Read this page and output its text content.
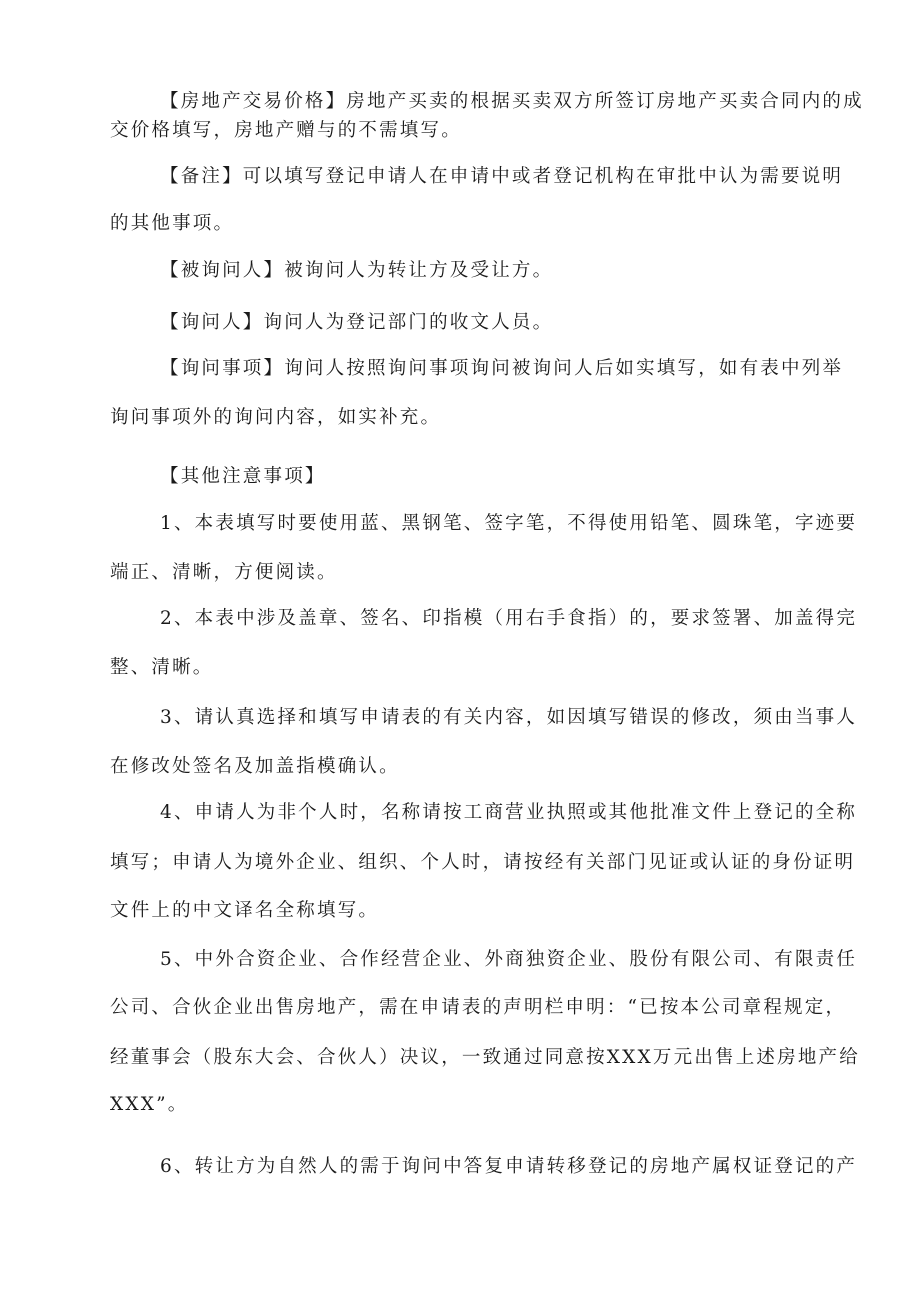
【房地产交易价格】房地产买卖的根据买卖双方所签订房地产买卖合同内的成
交价格填写，房地产赠与的不需填写。
【备注】可以填写登记申请人在申请中或者登记机构在审批中认为需要说明
的其他事项。
【被询问人】被询问人为转让方及受让方。
【询问人】询问人为登记部门的收文人员。
【询问事项】询问人按照询问事项询问被询问人后如实填写，如有表中列举
询问事项外的询问内容，如实补充。
【其他注意事项】
1、本表填写时要使用蓝、黑钢笔、签字笔，不得使用铅笔、圆珠笔，字迹要
端正、清晰，方便阅读。
2、本表中涉及盖章、签名、印指模（用右手食指）的，要求签署、加盖得完
整、清晰。
3、请认真选择和填写申请表的有关内容，如因填写错误的修改，须由当事人
在修改处签名及加盖指模确认。
4、申请人为非个人时，名称请按工商营业执照或其他批准文件上登记的全称
填写；申请人为境外企业、组织、个人时，请按经有关部门见证或认证的身份证明
文件上的中文译名全称填写。
5、中外合资企业、合作经营企业、外商独资企业、股份有限公司、有限责任
公司、合伙企业出售房地产，需在申请表的声明栏申明：“已按本公司章程规定，
经董事会（股东大会、合伙人）决议，一致通过同意按XXX万元出售上述房地产给
XXX”。
6、转让方为自然人的需于询问中答复申请转移登记的房地产属权证登记的产
